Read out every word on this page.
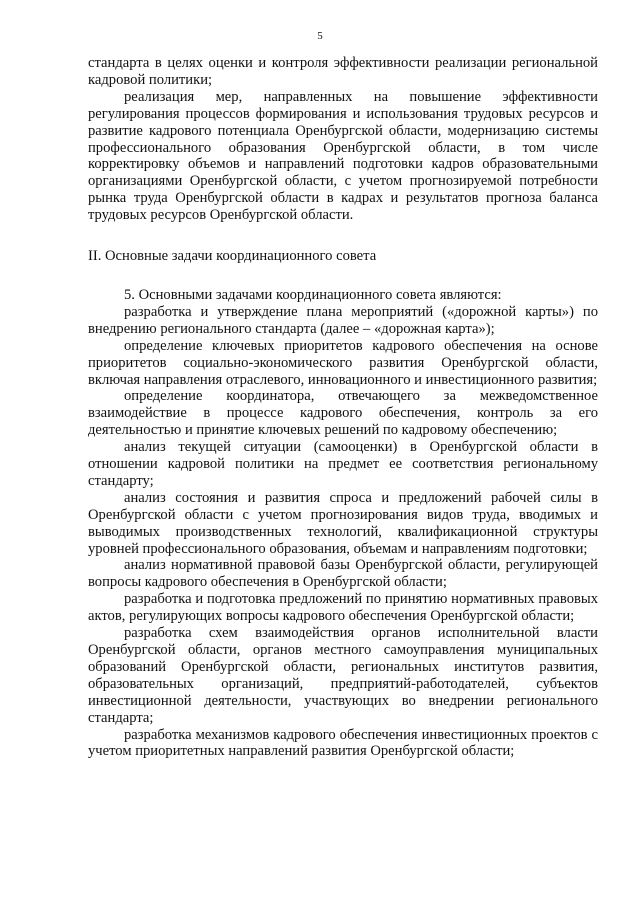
5

стандарта в целях оценки и контроля эффективности реализации региональной кадровой политики;

реализация мер, направленных на повышение эффективности регулирования процессов формирования и использования трудовых ресурсов и развитие кадрового потенциала Оренбургской области, модернизацию системы профессионального образования Оренбургской области, в том числе корректировку объемов и направлений подготовки кадров образовательными организациями Оренбургской области, с учетом прогнозируемой потребности рынка труда Оренбургской области в кадрах и результатов прогноза баланса трудовых ресурсов Оренбургской области.

II. Основные задачи координационного совета

5. Основными задачами координационного совета являются:

разработка и утверждение плана мероприятий («дорожной карты») по внедрению регионального стандарта (далее – «дорожная карта»);

определение ключевых приоритетов кадрового обеспечения на основе приоритетов социально-экономического развития Оренбургской области, включая направления отраслевого, инновационного и инвестиционного развития;

определение координатора, отвечающего за межведомственное взаимодействие в процессе кадрового обеспечения, контроль за его деятельностью и принятие ключевых решений по кадровому обеспечению;

анализ текущей ситуации (самооценки) в Оренбургской области в отношении кадровой политики на предмет ее соответствия региональному стандарту;

анализ состояния и развития спроса и предложений рабочей силы в Оренбургской области с учетом прогнозирования видов труда, вводимых и выводимых производственных технологий, квалификационной структуры уровней профессионального образования, объемам и направлениям подготовки;

анализ нормативной правовой базы Оренбургской области, регулирующей вопросы кадрового обеспечения в Оренбургской области;

разработка и подготовка предложений по принятию нормативных правовых актов, регулирующих вопросы кадрового обеспечения Оренбургской области;

разработка схем взаимодействия органов исполнительной власти Оренбургской области, органов местного самоуправления муниципальных образований Оренбургской области, региональных институтов развития, образовательных организаций, предприятий-работодателей, субъектов инвестиционной деятельности, участвующих во внедрении регионального стандарта;

разработка механизмов кадрового обеспечения инвестиционных проектов с учетом приоритетных направлений развития Оренбургской области;
